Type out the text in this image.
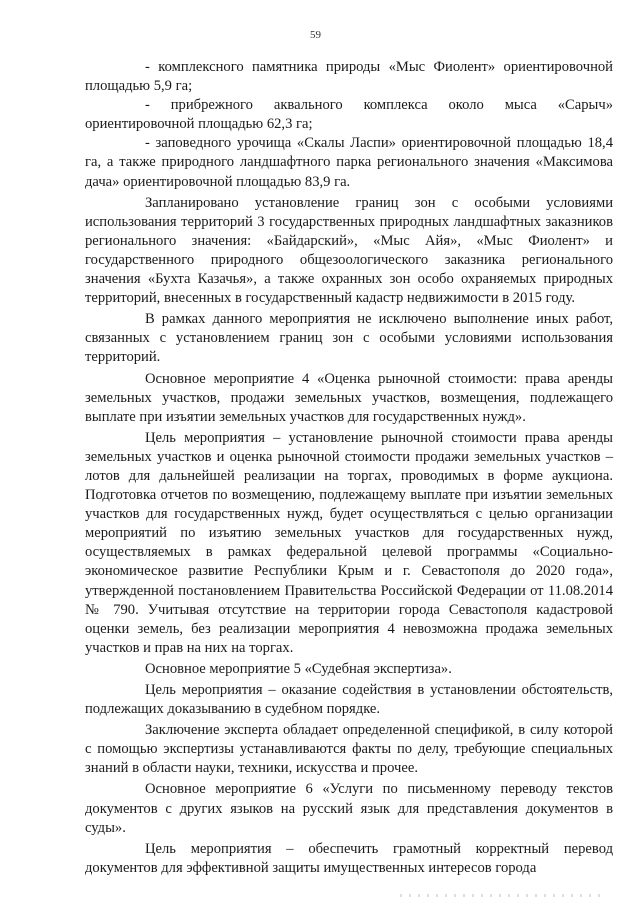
59

- комплексного памятника природы «Мыс Фиолент» ориентировочной площадью 5,9 га;

- прибрежного аквального комплекса около мыса «Сарыч» ориентировочной площадью 62,3 га;

- заповедного урочища «Скалы Ласпи» ориентировочной площадью 18,4 га, а также природного ландшафтного парка регионального значения «Максимова дача» ориентировочной площадью 83,9 га.

Запланировано установление границ зон с особыми условиями использования территорий 3 государственных природных ландшафтных заказников регионального значения: «Байдарский», «Мыс Айя», «Мыс Фиолент» и государственного природного общезоологического заказника регионального значения «Бухта Казачья», а также охранных зон особо охраняемых природных территорий, внесенных в государственный кадастр недвижимости в 2015 году.

В рамках данного мероприятия не исключено выполнение иных работ, связанных с установлением границ зон с особыми условиями использования территорий.

Основное мероприятие 4 «Оценка рыночной стоимости: права аренды земельных участков, продажи земельных участков, возмещения, подлежащего выплате при изъятии земельных участков для государственных нужд».

Цель мероприятия – установление рыночной стоимости права аренды земельных участков и оценка рыночной стоимости продажи земельных участков – лотов для дальнейшей реализации на торгах, проводимых в форме аукциона. Подготовка отчетов по возмещению, подлежащему выплате при изъятии земельных участков для государственных нужд, будет осуществляться с целью организации мероприятий по изъятию земельных участков для государственных нужд, осуществляемых в рамках федеральной целевой программы «Социально-экономическое развитие Республики Крым и г. Севастополя до 2020 года», утвержденной постановлением Правительства Российской Федерации от 11.08.2014 № 790. Учитывая отсутствие на территории города Севастополя кадастровой оценки земель, без реализации мероприятия 4 невозможна продажа земельных участков и прав на них на торгах.

Основное мероприятие 5 «Судебная экспертиза».

Цель мероприятия – оказание содействия в установлении обстоятельств, подлежащих доказыванию в судебном порядке.

Заключение эксперта обладает определенной спецификой, в силу которой с помощью экспертизы устанавливаются факты по делу, требующие специальных знаний в области науки, техники, искусства и прочее.

Основное мероприятие 6 «Услуги по письменному переводу текстов документов с других языков на русский язык для представления документов в суды».

Цель мероприятия – обеспечить грамотный корректный перевод документов для эффективной защиты имущественных интересов города
